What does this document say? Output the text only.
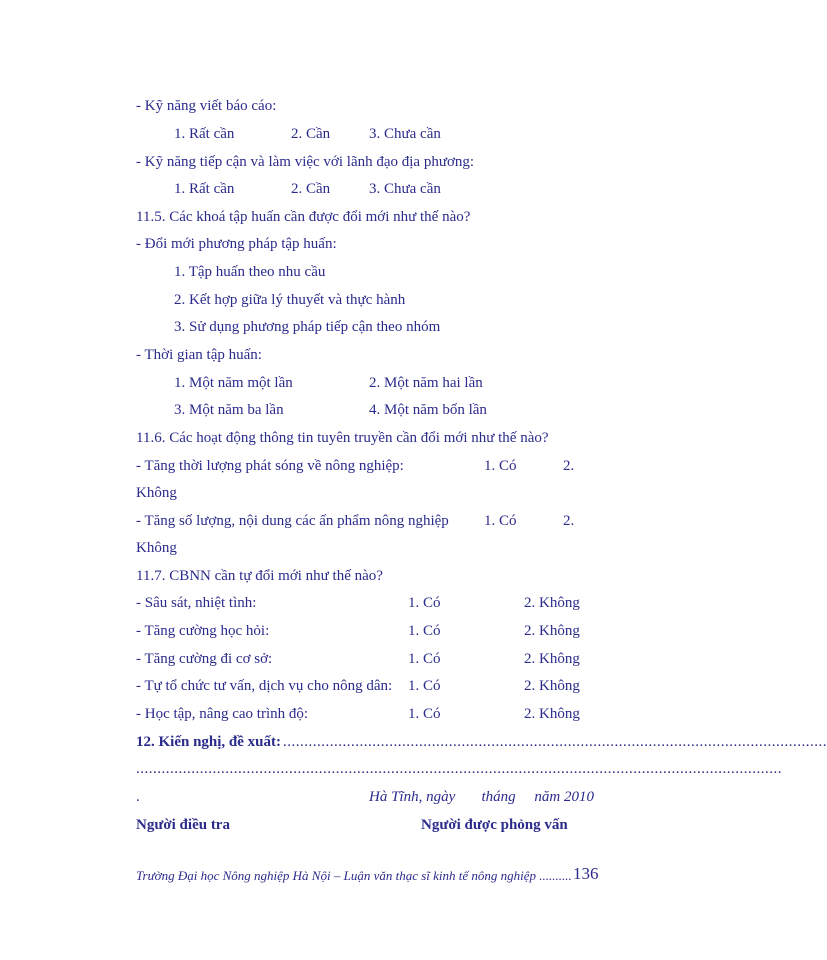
- Kỹ năng viết báo cáo:
1. Rất cần	2. Cần	3. Chưa cần
- Kỹ năng tiếp cận và làm việc với lãnh đạo địa phương:
1. Rất cần	2. Cần	3. Chưa cần
11.5. Các khoá tập huấn cần được đổi mới như thế nào?
- Đổi mới phương pháp tập huấn:
1. Tập huấn theo nhu cầu
2. Kết hợp giữa lý thuyết và thực hành
3. Sử dụng phương pháp tiếp cận theo nhóm
- Thời gian tập huấn:
1. Một năm một lần	2. Một năm hai lần
3. Một năm ba lần	4. Một năm bốn lần
11.6. Các hoạt động thông tin tuyên truyền cần đổi mới như thế nào?
- Tăng thời lượng phát sóng về nông nghiệp:	1. Có	2.
Không
- Tăng số lượng, nội dung các ấn phẩm nông nghiệp 1. Có	2.
Không
11.7. CBNN cần tự đổi mới như thế nào?
- Sâu sát, nhiệt tình:	1. Có	2. Không
- Tăng cường học hỏi:	1. Có	2. Không
- Tăng cường đi cơ sở:	1. Có	2. Không
- Tự tổ chức tư vấn, dịch vụ cho nông dân: 1. Có	2. Không
- Học tập, nâng cao trình độ:	1. Có	2. Không
12. Kiến nghị, đề xuất: ................................................................................................................................
........................................................................................................................................................
.	Hà Tĩnh, ngày       tháng     năm 2010
Người điều tra	Người được phỏng vấn
Trường Đại học Nông nghiệp Hà Nội – Luận văn thạc sĩ kinh tế nông nghiệp .......... 136
